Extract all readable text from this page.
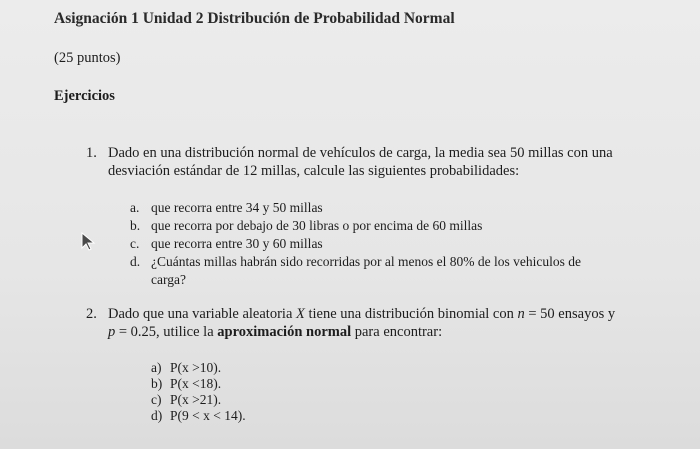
Asignación 1 Unidad 2 Distribución de Probabilidad Normal
(25 puntos)
Ejercicios
1. Dado en una distribución normal de vehículos de carga, la media sea 50 millas con una
desviación estándar de 12 millas, calcule las siguientes probabilidades:
a. que recorra entre 34 y 50 millas
b. que recorra por debajo de 30 libras o por encima de 60 millas
c. que recorra entre 30 y 60 millas
d. ¿Cuántas millas habrán sido recorridas por al menos el 80% de los vehiculos de
carga?
2. Dado que una variable aleatoria X tiene una distribución binomial con n = 50 ensayos y
p = 0.25, utilice la aproximación normal para encontrar:
a) P(x >10).
b) P(x <18).
c) P(x >21).
d) P(9 < x < 14).
